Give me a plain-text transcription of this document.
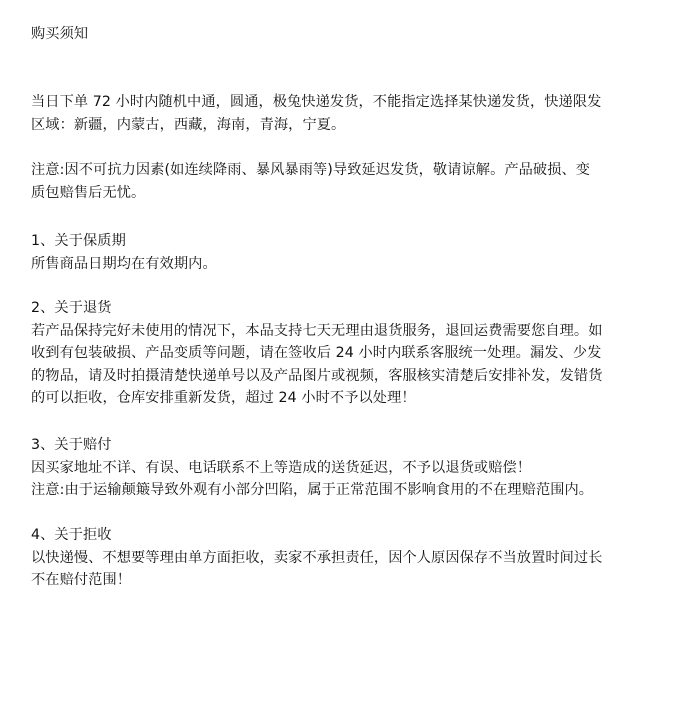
购买须知
当日下单 72 小时内随机中通，圆通，极兔快递发货，不能指定选择某快递发货，快递限发
区域：新疆，内蒙古，西藏，海南，青海，宁夏。
注意:因不可抗力因素(如连续降雨、暴风暴雨等)导致延迟发货，敬请谅解。产品破损、变
质包赔售后无忧。
1、关于保质期
所售商品日期均在有效期内。
2、关于退货
若产品保持完好未使用的情况下，本品支持七天无理由退货服务，退回运费需要您自理。如
收到有包装破损、产品变质等问题，请在签收后 24 小时内联系客服统一处理。漏发、少发
的物品，请及时拍摄清楚快递单号以及产品图片或视频，客服核实清楚后安排补发，发错货
的可以拒收，仓库安排重新发货，超过 24 小时不予以处理！
3、关于赔付
因买家地址不详、有误、电话联系不上等造成的送货延迟，不予以退货或赔偿！
注意:由于运输颠簸导致外观有小部分凹陷，属于正常范围不影响食用的不在理赔范围内。
4、关于拒收
以快递慢、不想要等理由单方面拒收，卖家不承担责任，因个人原因保存不当放置时间过长
不在赔付范围！
